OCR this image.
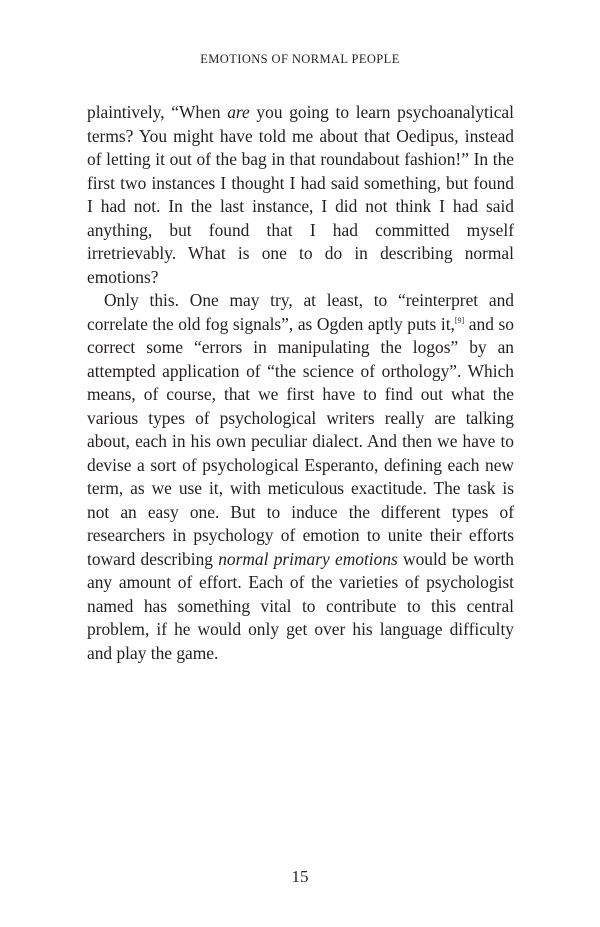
EMOTIONS OF NORMAL PEOPLE

plaintively, “When are you going to learn psychoanalytical terms? You might have told me about that Oedipus, instead of letting it out of the bag in that roundabout fashion!” In the first two instances I thought I had said something, but found I had not. In the last instance, I did not think I had said anything, but found that I had committed myself irretrievably. What is one to do in describing normal emotions?

Only this. One may try, at least, to “reinterpret and correlate the old fog signals”, as Ogden aptly puts it,[9] and so correct some “errors in manipulating the logos” by an attempted application of “the science of orthology”. Which means, of course, that we first have to find out what the various types of psychological writers really are talking about, each in his own peculiar dialect. And then we have to devise a sort of psychological Esperanto, defining each new term, as we use it, with meticulous exactitude. The task is not an easy one. But to induce the different types of researchers in psychology of emotion to unite their efforts toward describing normal primary emotions would be worth any amount of effort. Each of the varieties of psychologist named has something vital to contribute to this central problem, if he would only get over his language difficulty and play the game.

15
